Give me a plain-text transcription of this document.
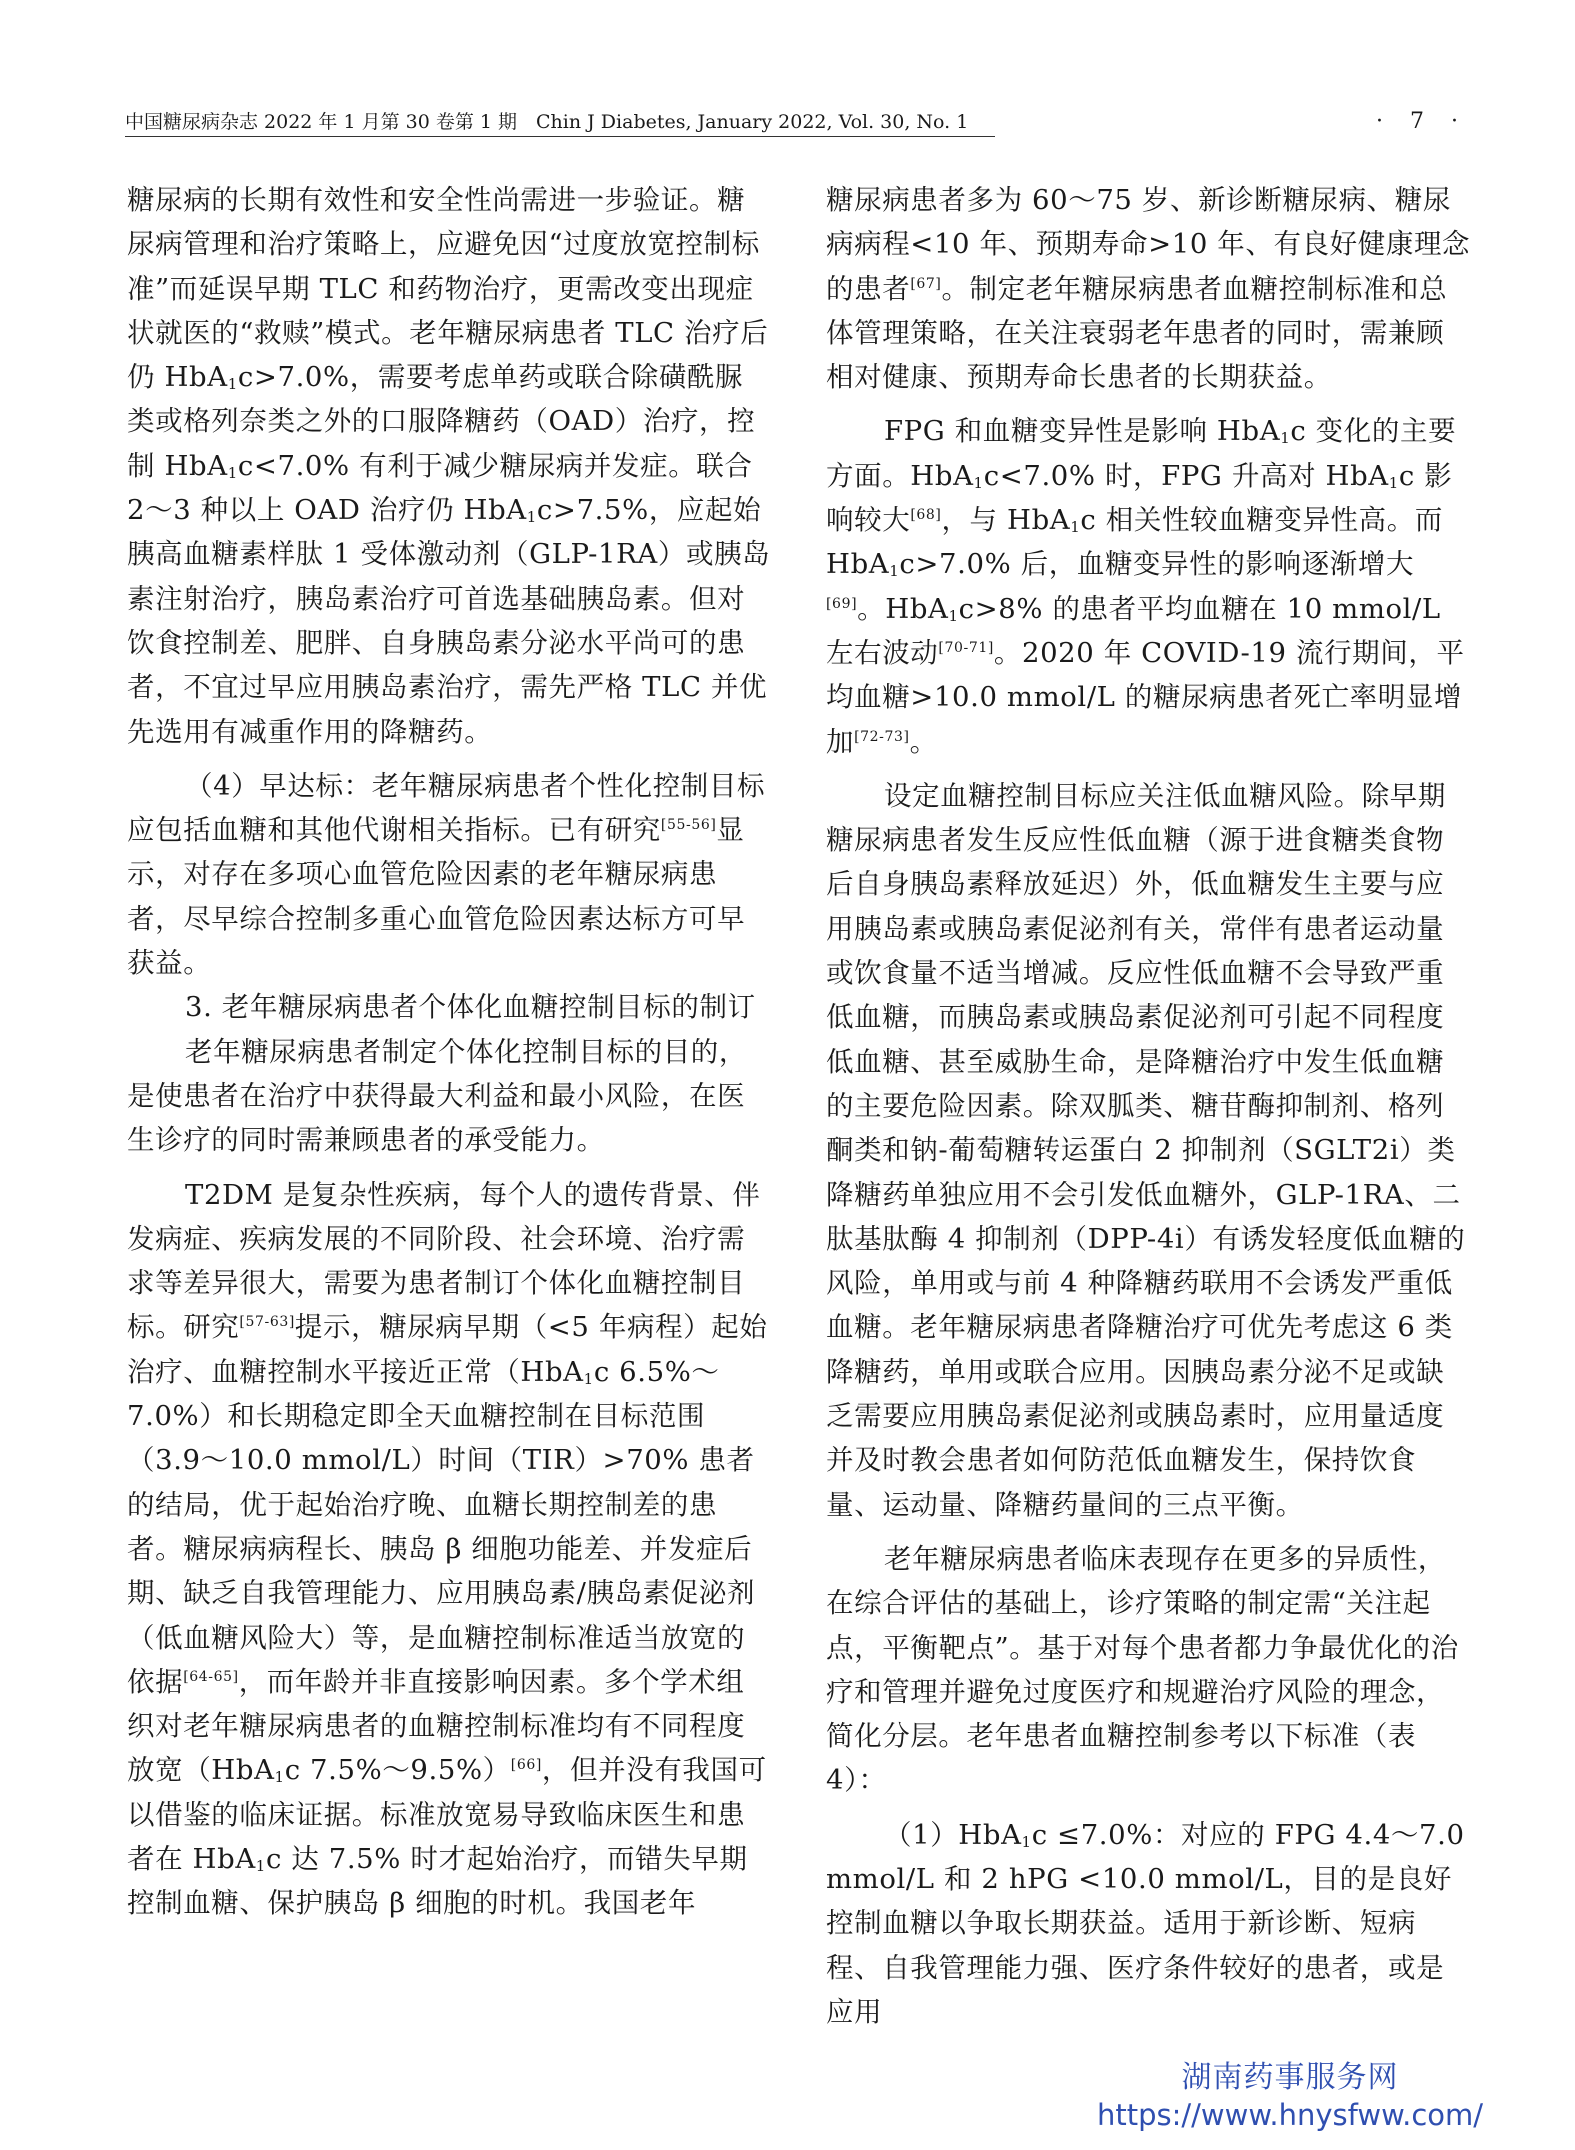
中国糖尿病杂志 2022 年 1 月第 30 卷第 1 期　Chin J Diabetes, January 2022, Vol. 30, No. 1	· 7 ·

糖尿病的长期有效性和安全性尚需进一步验证。糖尿病管理和治疗策略上，应避免因“过度放宽控制标准”而延误早期 TLC 和药物治疗，更需改变出现症状就医的“救赎”模式。老年糖尿病患者 TLC 治疗后仍 HbA$_1$c>7.0%，需要考虑单药或联合除磺酰脲类或格列奈类之外的口服降糖药（OAD）治疗，控制 HbA$_1$c<7.0% 有利于减少糖尿病并发症。联合 2～3 种以上 OAD 治疗仍 HbA$_1$c>7.5%，应起始胰高血糖素样肽 1 受体激动剂（GLP-1RA）或胰岛素注射治疗，胰岛素治疗可首选基础胰岛素。但对饮食控制差、肥胖、自身胰岛素分泌水平尚可的患者，不宜过早应用胰岛素治疗，需先严格 TLC 并优先选用有减重作用的降糖药。

（4）早达标：老年糖尿病患者个性化控制目标应包括血糖和其他代谢相关指标。已有研究[55-56]显示，对存在多项心血管危险因素的老年糖尿病患者，尽早综合控制多重心血管危险因素达标方可早获益。

3. 老年糖尿病患者个体化血糖控制目标的制订

老年糖尿病患者制定个体化控制目标的目的，是使患者在治疗中获得最大利益和最小风险，在医生诊疗的同时需兼顾患者的承受能力。

T2DM 是复杂性疾病，每个人的遗传背景、伴发病症、疾病发展的不同阶段、社会环境、治疗需求等差异很大，需要为患者制订个体化血糖控制目标。研究[57-63]提示，糖尿病早期（<5 年病程）起始治疗、血糖控制水平接近正常（HbA$_1$c 6.5%～7.0%）和长期稳定即全天血糖控制在目标范围（3.9～10.0 mmol/L）时间（TIR）>70% 患者的结局，优于起始治疗晚、血糖长期控制差的患者。糖尿病病程长、胰岛 β 细胞功能差、并发症后期、缺乏自我管理能力、应用胰岛素/胰岛素促泌剂（低血糖风险大）等，是血糖控制标准适当放宽的依据[64-65]，而年龄并非直接影响因素。多个学术组织对老年糖尿病患者的血糖控制标准均有不同程度放宽（HbA$_1$c 7.5%～9.5%）[66]，但并没有我国可以借鉴的临床证据。标准放宽易导致临床医生和患者在 HbA$_1$c 达 7.5% 时才起始治疗，而错失早期控制血糖、保护胰岛 β 细胞的时机。我国老年

糖尿病患者多为 60～75 岁、新诊断糖尿病、糖尿病病程<10 年、预期寿命>10 年、有良好健康理念的患者[67]。制定老年糖尿病患者血糖控制标准和总体管理策略，在关注衰弱老年患者的同时，需兼顾相对健康、预期寿命长患者的长期获益。

FPG 和血糖变异性是影响 HbA$_1$c 变化的主要方面。HbA$_1$c<7.0% 时，FPG 升高对 HbA$_1$c 影响较大[68]，与 HbA$_1$c 相关性较血糖变异性高。而 HbA$_1$c>7.0% 后，血糖变异性的影响逐渐增大[69]。HbA$_1$c>8% 的患者平均血糖在 10 mmol/L 左右波动[70-71]。2020 年 COVID-19 流行期间，平均血糖>10.0 mmol/L 的糖尿病患者死亡率明显增加[72-73]。

设定血糖控制目标应关注低血糖风险。除早期糖尿病患者发生反应性低血糖（源于进食糖类食物后自身胰岛素释放延迟）外，低血糖发生主要与应用胰岛素或胰岛素促泌剂有关，常伴有患者运动量或饮食量不适当增减。反应性低血糖不会导致严重低血糖，而胰岛素或胰岛素促泌剂可引起不同程度低血糖、甚至威胁生命，是降糖治疗中发生低血糖的主要危险因素。除双胍类、糖苷酶抑制剂、格列酮类和钠-葡萄糖转运蛋白 2 抑制剂（SGLT2i）类降糖药单独应用不会引发低血糖外，GLP-1RA、二肽基肽酶 4 抑制剂（DPP-4i）有诱发轻度低血糖的风险，单用或与前 4 种降糖药联用不会诱发严重低血糖。老年糖尿病患者降糖治疗可优先考虑这 6 类降糖药，单用或联合应用。因胰岛素分泌不足或缺乏需要应用胰岛素促泌剂或胰岛素时，应用量适度并及时教会患者如何防范低血糖发生，保持饮食量、运动量、降糖药量间的三点平衡。

老年糖尿病患者临床表现存在更多的异质性，在综合评估的基础上，诊疗策略的制定需“关注起点，平衡靶点”。基于对每个患者都力争最优化的治疗和管理并避免过度医疗和规避治疗风险的理念，简化分层。老年患者血糖控制参考以下标准（表 4）：

（1）HbA$_1$c ≤7.0%：对应的 FPG 4.4～7.0 mmol/L 和 2 hPG <10.0 mmol/L，目的是良好控制血糖以争取长期获益。适用于新诊断、短病程、自我管理能力强、医疗条件较好的患者，或是应用

湖南药事服务网
https://www.hnysfww.com/
